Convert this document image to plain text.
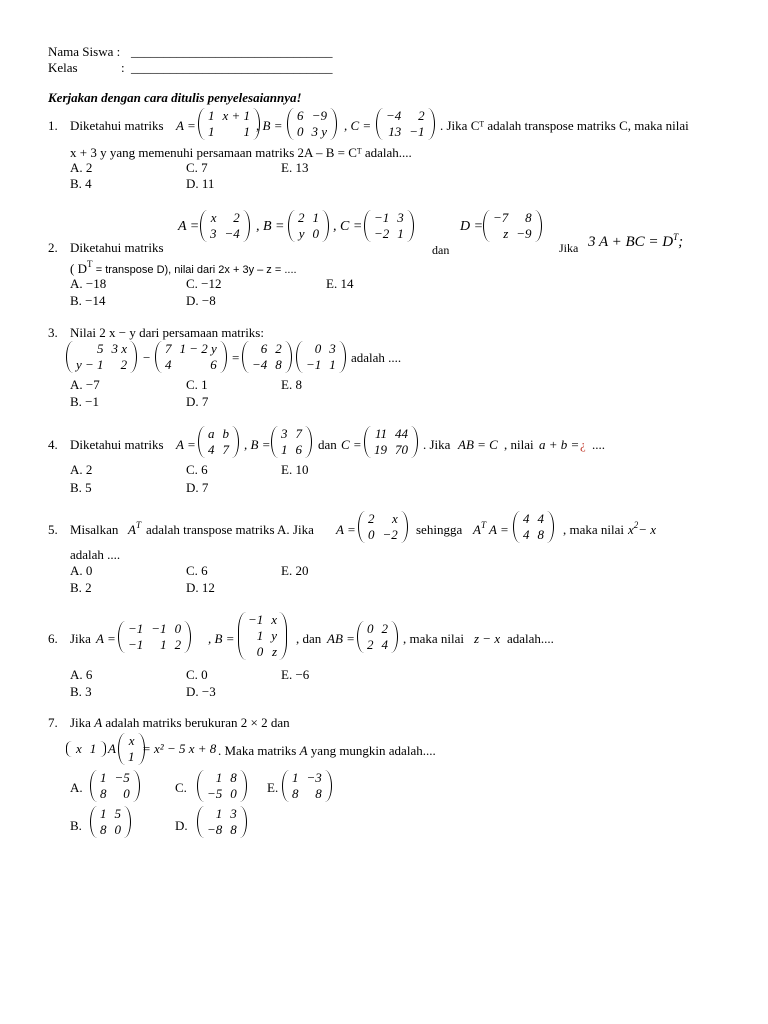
Nama Siswa : _______________________________
Kelas	: _______________________________
Kerjakan dengan cara ditulis penyelesaiannya!
1. Diketahui matriks A =
1	x + 1
1	1 , B =
6	−9
0	3 y , C =
−4	2
13	−1 . Jika Cᵀ adalah transpose matriks C, maka nilai
x + 3 y yang memenuhi persamaan matriks 2A – B = Cᵀ adalah....
A. 2	C. 7	E. 13
B. 4	D. 11
A =
x	2
3	−4 , B =
2	1
y	0 , C =
−1	3
−2	1	D =
−7	8
z	−9
2. Diketahui matriks	dan	Jika 3 A + BC = $D^T$;
( $D^T$ = transpose D), nilai dari 2x + 3y – z = ....
A. −18	C. −12	E. 14
B. −14	D. −8
3. Nilai 2 x − y dari persamaan matriks:
5	3 x
y − 1	2 −
7	1 − 2 y
4	6 =
6	2
−4	8
0	3
−1	1 adalah ....
A. −7	C. 1	E. 8
B. −1	D. 7
4. Diketahui matriks A =
a	b
4	7 , B =
3	7
1	6 dan C =
11	44
19	70 . Jika AB = C , nilai a + b = ¿ ....
A. 2	C. 6	E. 10
B. 5	D. 7
5. Misalkan $A^T$ adalah transpose matriks A. Jika A =
2	x
0	−2 sehingga $A^T$ A =
4	4
4	8 , maka nilai $x^2- x$
adalah ....
A. 0	C. 6	E. 20
B. 2	D. 12
6. Jika A =
−1	−1	0
−1	1	2 , B =
−1	x
1	y
0	z
, dan AB =
0	2
2	4 , maka nilai z − x adalah....
A. 6	C. 0	E. −6
B. 3	D. −3
7. Jika A adalah matriks berukuran 2 × 2 dan
x	1 A
x
1
= x² − 5 x + 8 . Maka matriks A yang mungkin adalah....
A.
1	−5
8	0	C.
1	8
−5	0 E.
1	−3
8	8
B.
1	5
8	0	D.
1	3
−8	8
